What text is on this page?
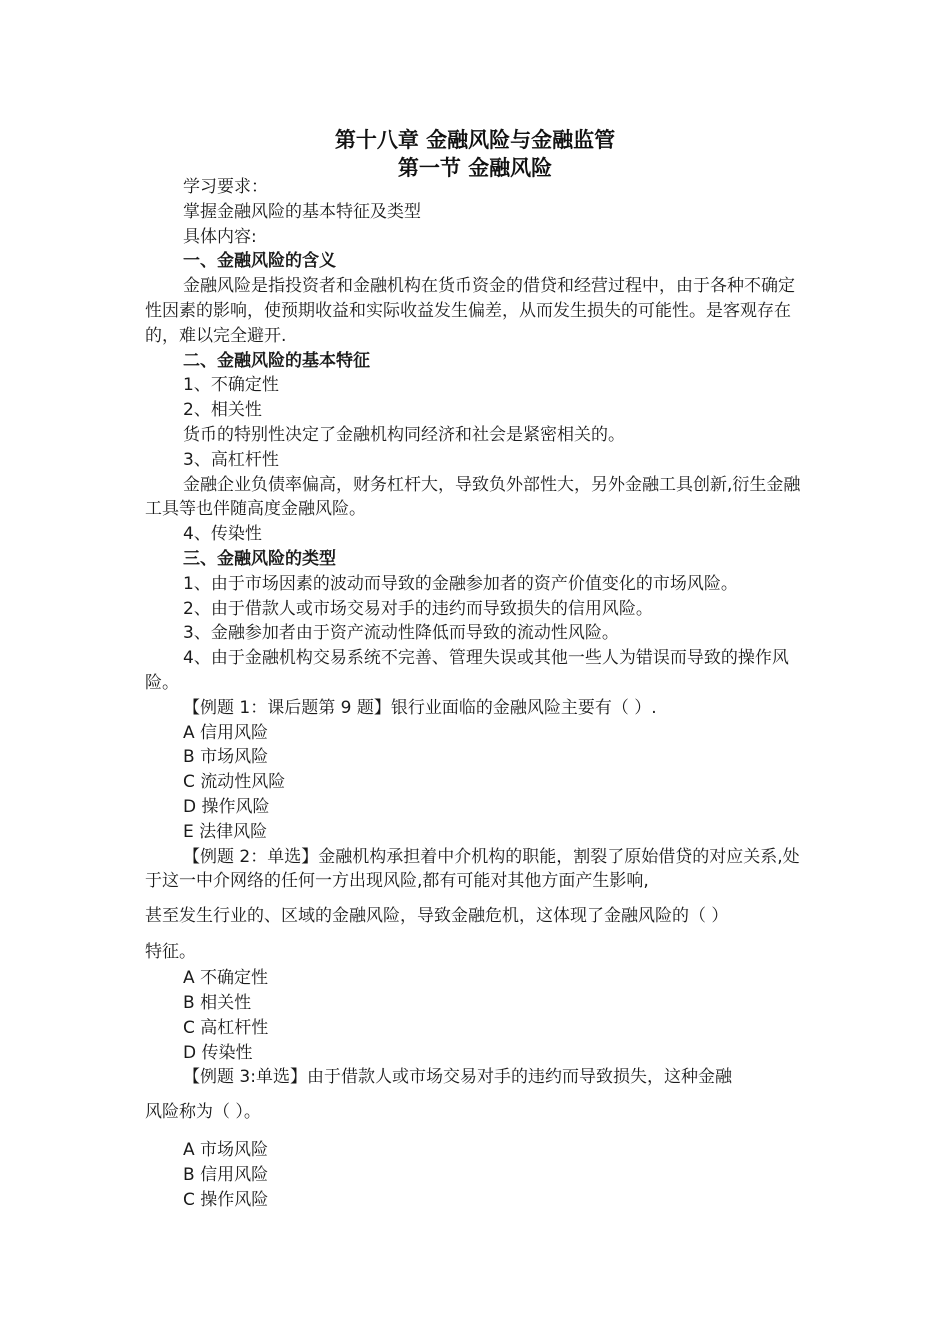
第十八章 金融风险与金融监管
第一节 金融风险

学习要求：

掌握金融风险的基本特征及类型

具体内容:

一、金融风险的含义

金融风险是指投资者和金融机构在货币资金的借贷和经营过程中，由于各种不确定性因素的影响，使预期收益和实际收益发生偏差，从而发生损失的可能性。是客观存在的，难以完全避开.

二、金融风险的基本特征

1、不确定性

2、相关性

货币的特别性决定了金融机构同经济和社会是紧密相关的。

3、高杠杆性

金融企业负债率偏高，财务杠杆大，导致负外部性大，另外金融工具创新,衍生金融工具等也伴随高度金融风险。

4、传染性

三、金融风险的类型

1、由于市场因素的波动而导致的金融参加者的资产价值变化的市场风险。

2、由于借款人或市场交易对手的违约而导致损失的信用风险。

3、金融参加者由于资产流动性降低而导致的流动性风险。

4、由于金融机构交易系统不完善、管理失误或其他一些人为错误而导致的操作风险。

【例题 1：课后题第 9 题】银行业面临的金融风险主要有（ ）.

A 信用风险

B 市场风险

C 流动性风险

D 操作风险

E 法律风险

【例题 2：单选】金融机构承担着中介机构的职能，割裂了原始借贷的对应关系,处于这一中介网络的任何一方出现风险,都有可能对其他方面产生影响,

甚至发生行业的、区域的金融风险，导致金融危机，这体现了金融风险的（ ）

特征。

A 不确定性

B 相关性

C 高杠杆性

D 传染性

【例题 3:单选】由于借款人或市场交易对手的违约而导致损失，这种金融

风险称为（ ）。

A 市场风险

B 信用风险

C 操作风险
